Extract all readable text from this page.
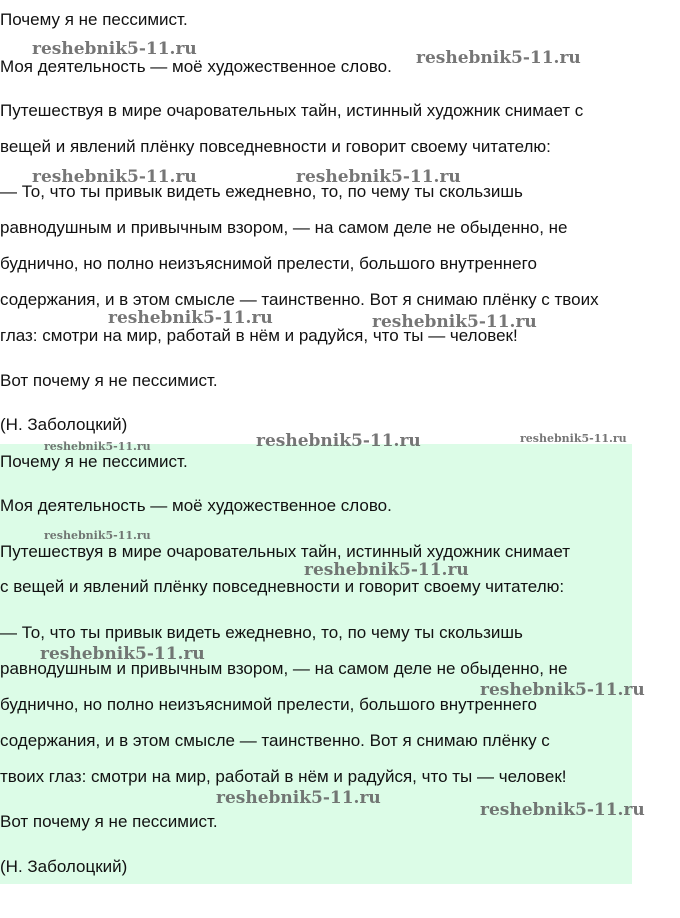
Почему я не пессимист.
Моя деятельность — моё художественное слово.
Путешествуя в мире очаровательных тайн, истинный художник снимает с
вещей и явлений плёнку повседневности и говорит своему читателю:
— То, что ты привык видеть ежедневно, то, по чему ты скользишь
равнодушным и привычным взором, — на самом деле не обыденно, не
буднично, но полно неизъяснимой прелести, большого внутреннего
содержания, и в этом смысле — таинственно. Вот я снимаю плёнку с твоих
глаз: смотри на мир, работай в нём и радуйся, что ты — человек!
Вот почему я не пессимист.
(Н. Заболоцкий)
Почему я не пессимист.
Моя деятельность — моё художественное слово.
Путешествуя в мире очаровательных тайн, истинный художник снимает
с вещей и явлений плёнку повседневности и говорит своему читателю:
— То, что ты привык видеть ежедневно, то, по чему ты скользишь
равнодушным и привычным взором, — на самом деле не обыденно, не
буднично, но полно неизъяснимой прелести, большого внутреннего
содержания, и в этом смысле — таинственно. Вот я снимаю плёнку с
твоих глаз: смотри на мир, работай в нём и радуйся, что ты — человек!
Вот почему я не пессимист.
(Н. Заболоцкий)
reshebnik5-11.ru	reshebnik5-11.ru
reshebnik5-11.ru	reshebnik5-11.ru
reshebnik5-11.ru	reshebnik5-11.ru
reshebnik5-11.ru
reshebnik5-11.ru
reshebnik5-11.ru
reshebnik5-11.ru
reshebnik5-11.ru
reshebnik5-11.ru
reshebnik5-11.ru
reshebnik5-11.ru
reshebnik5-11.ru
